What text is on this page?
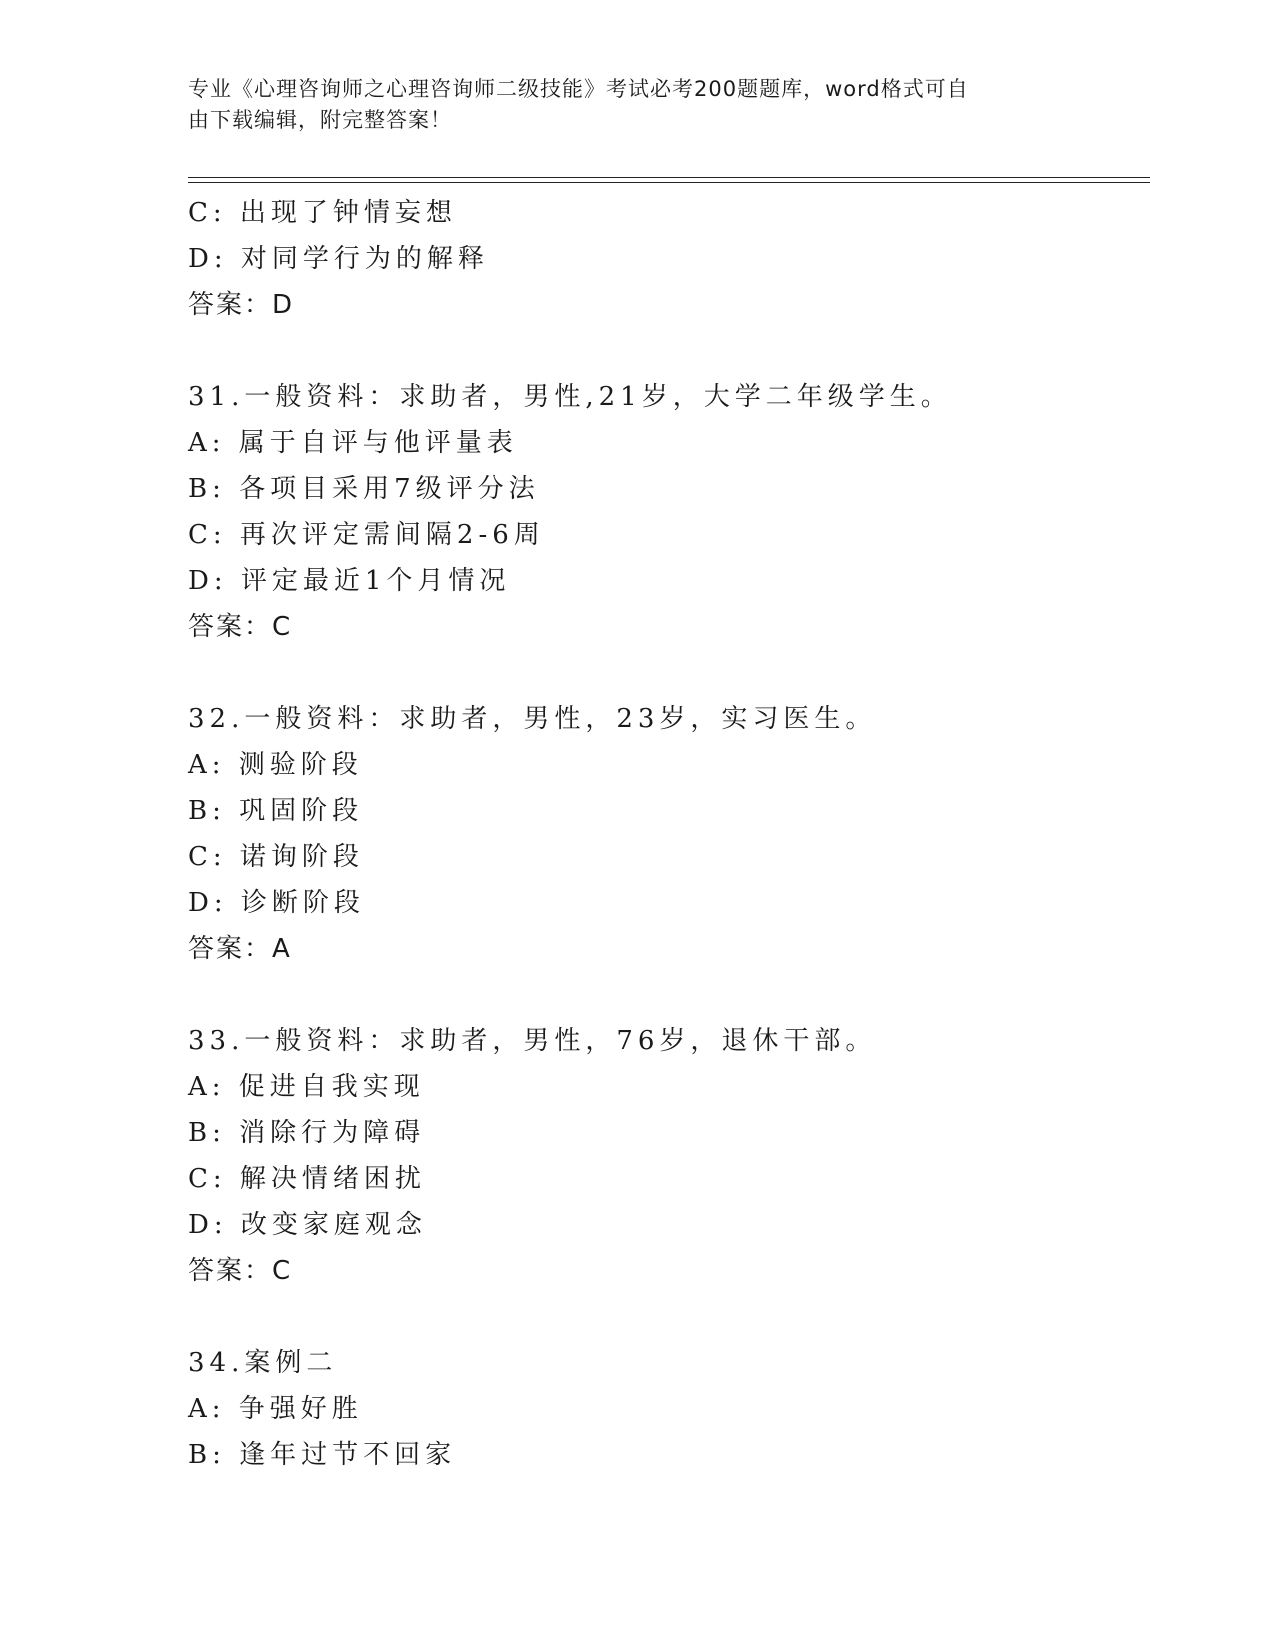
专业《心理咨询师之心理咨询师二级技能》考试必考200题题库，word格式可自
由下载编辑，附完整答案！
C: 出现了钟情妄想
D: 对同学行为的解释
答案：D
31.一般资料：求助者，男性,21岁，大学二年级学生。
A: 属于自评与他评量表
B: 各项目采用7级评分法
C: 再次评定需间隔2-6周
D: 评定最近1个月情况
答案：C
32.一般资料：求助者，男性，23岁，实习医生。
A: 测验阶段
B: 巩固阶段
C: 诺询阶段
D: 诊断阶段
答案：A
33.一般资料：求助者，男性，76岁，退休干部。
A: 促进自我实现
B: 消除行为障碍
C: 解决情绪困扰
D: 改变家庭观念
答案：C
34.案例二
A: 争强好胜
B: 逢年过节不回家
